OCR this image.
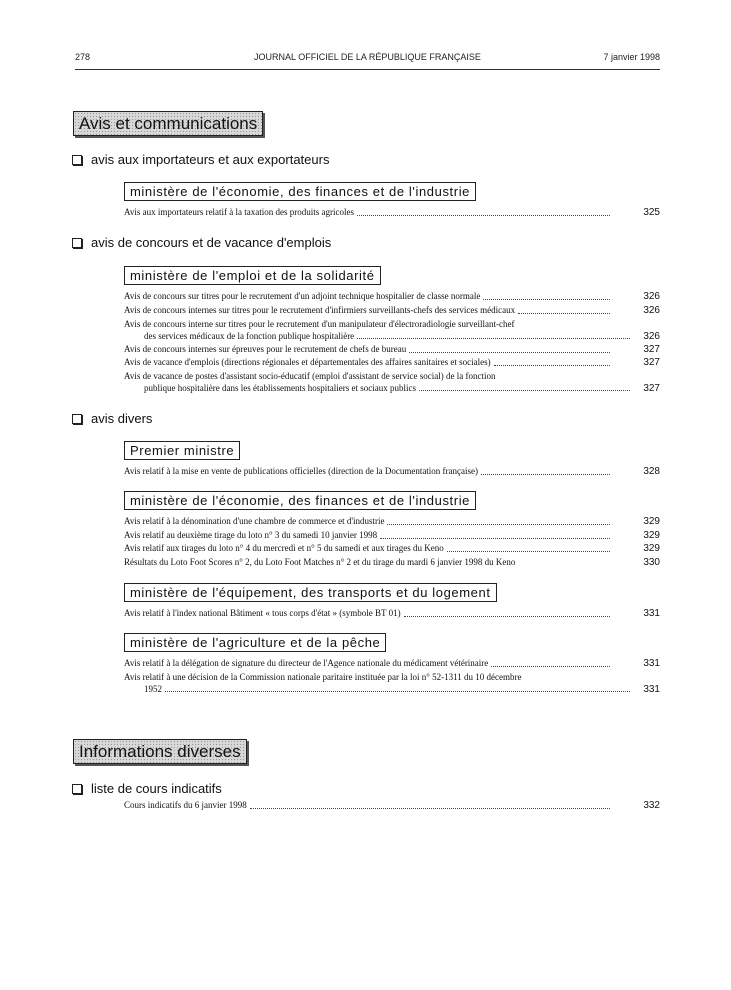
278	JOURNAL OFFICIEL DE LA RÉPUBLIQUE FRANÇAISE	7 janvier 1998
Avis et communications
avis aux importateurs et aux exportateurs
ministère de l'économie, des finances et de l'industrie
Avis aux importateurs relatif à la taxation des produits agricoles	325
avis de concours et de vacance d'emplois
ministère de l'emploi et de la solidarité
Avis de concours sur titres pour le recrutement d'un adjoint technique hospitalier de classe normale	326
Avis de concours internes sur titres pour le recrutement d'infirmiers surveillants-chefs des services médicaux	326
Avis de concours interne sur titres pour le recrutement d'un manipulateur d'électroradiologie surveillant-chef
des services médicaux de la fonction publique hospitalière	326
Avis de concours internes sur épreuves pour le recrutement de chefs de bureau	327
Avis de vacance d'emplois (directions régionales et départementales des affaires sanitaires et sociales)	327
Avis de vacance de postes d'assistant socio-éducatif (emploi d'assistant de service social) de la fonction
publique hospitalière dans les établissements hospitaliers et sociaux publics	327
avis divers
Premier ministre
Avis relatif à la mise en vente de publications officielles (direction de la Documentation française)	328
ministère de l'économie, des finances et de l'industrie
Avis relatif à la dénomination d'une chambre de commerce et d'industrie	329
Avis relatif au deuxième tirage du loto n° 3 du samedi 10 janvier 1998	329
Avis relatif aux tirages du loto n° 4 du mercredi et n° 5 du samedi et aux tirages du Keno	329
Résultats du Loto Foot Scores n° 2, du Loto Foot Matches n° 2 et du tirage du mardi 6 janvier 1998 du Keno	330
ministère de l'équipement, des transports et du logement
Avis relatif à l'index national Bâtiment « tous corps d'état » (symbole BT 01)	331
ministère de l'agriculture et de la pêche
Avis relatif à la délégation de signature du directeur de l'Agence nationale du médicament vétérinaire	331
Avis relatif à une décision de la Commission nationale paritaire instituée par la loi n° 52-1311 du 10 décembre
1952	331
Informations diverses
liste de cours indicatifs
Cours indicatifs du 6 janvier 1998	332
